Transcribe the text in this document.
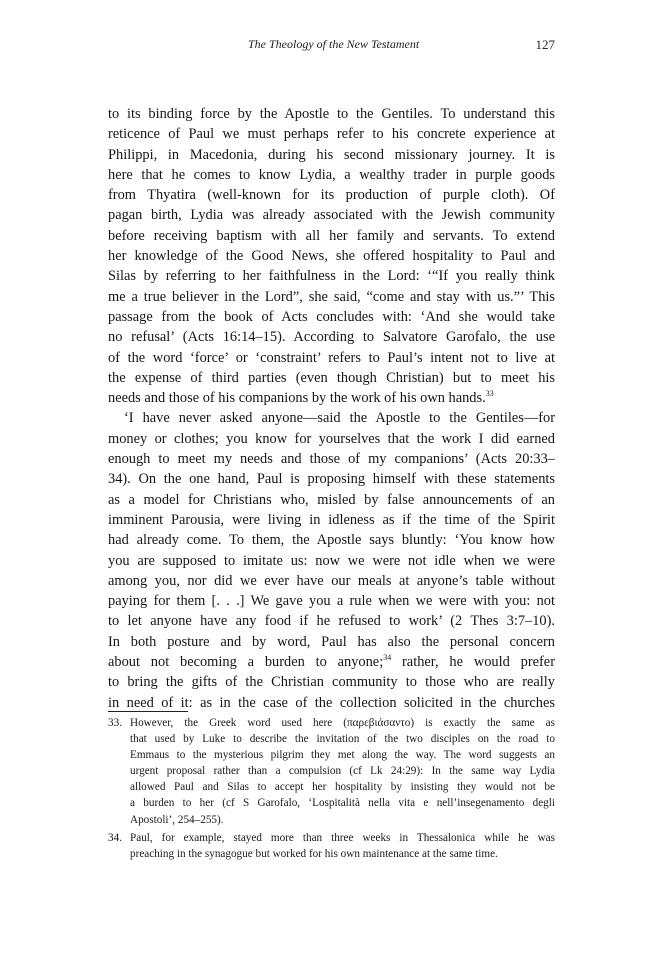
The Theology of the New Testament	127
to its binding force by the Apostle to the Gentiles. To understand this
reticence of Paul we must perhaps refer to his concrete experience at
Philippi, in Macedonia, during his second missionary journey. It is
here that he comes to know Lydia, a wealthy trader in purple goods
from Thyatira (well-known for its production of purple cloth). Of
pagan birth, Lydia was already associated with the Jewish community
before receiving baptism with all her family and servants. To extend
her knowledge of the Good News, she offered hospitality to Paul and
Silas by referring to her faithfulness in the Lord: ‘“If you really think
me a true believer in the Lord”, she said, “come and stay with us.”’ This
passage from the book of Acts concludes with: ‘And she would take
no refusal’ (Acts 16:14–15). According to Salvatore Garofalo, the use
of the word ‘force’ or ‘constraint’ refers to Paul’s intent not to live at
the expense of third parties (even though Christian) but to meet his
needs and those of his companions by the work of his own hands.$^{33}$
‘I have never asked anyone—said the Apostle to the Gentiles—for
money or clothes; you know for yourselves that the work I did earned
enough to meet my needs and those of my companions’ (Acts 20:33–
34). On the one hand, Paul is proposing himself with these statements
as a model for Christians who, misled by false announcements of an
imminent Parousia, were living in idleness as if the time of the Spirit
had already come. To them, the Apostle says bluntly: ‘You know how
you are supposed to imitate us: now we were not idle when we were
among you, nor did we ever have our meals at anyone’s table without
paying for them [. . .] We gave you a rule when we were with you: not
to let anyone have any food if he refused to work’ (2 Thes 3:7–10).
In both posture and by word, Paul has also the personal concern
about not becoming a burden to anyone;$^{34}$ rather, he would prefer
to bring the gifts of the Christian community to those who are really
in need of it: as in the case of the collection solicited in the churches
33. However, the Greek word used here (παρεβιάσαντο) is exactly the same as
that used by Luke to describe the invitation of the two disciples on the road to
Emmaus to the mysterious pilgrim they met along the way. The word suggests an
urgent proposal rather than a compulsion (cf Lk 24:29): In the same way Lydia
allowed Paul and Silas to accept her hospitality by insisting they would not be
a burden to her (cf S Garofalo, ‘Lospitalità nella vita e nell’insegenamento degli
Apostoli’, 254–255).
34. Paul, for example, stayed more than three weeks in Thessalonica while he was
preaching in the synagogue but worked for his own maintenance at the same time.
